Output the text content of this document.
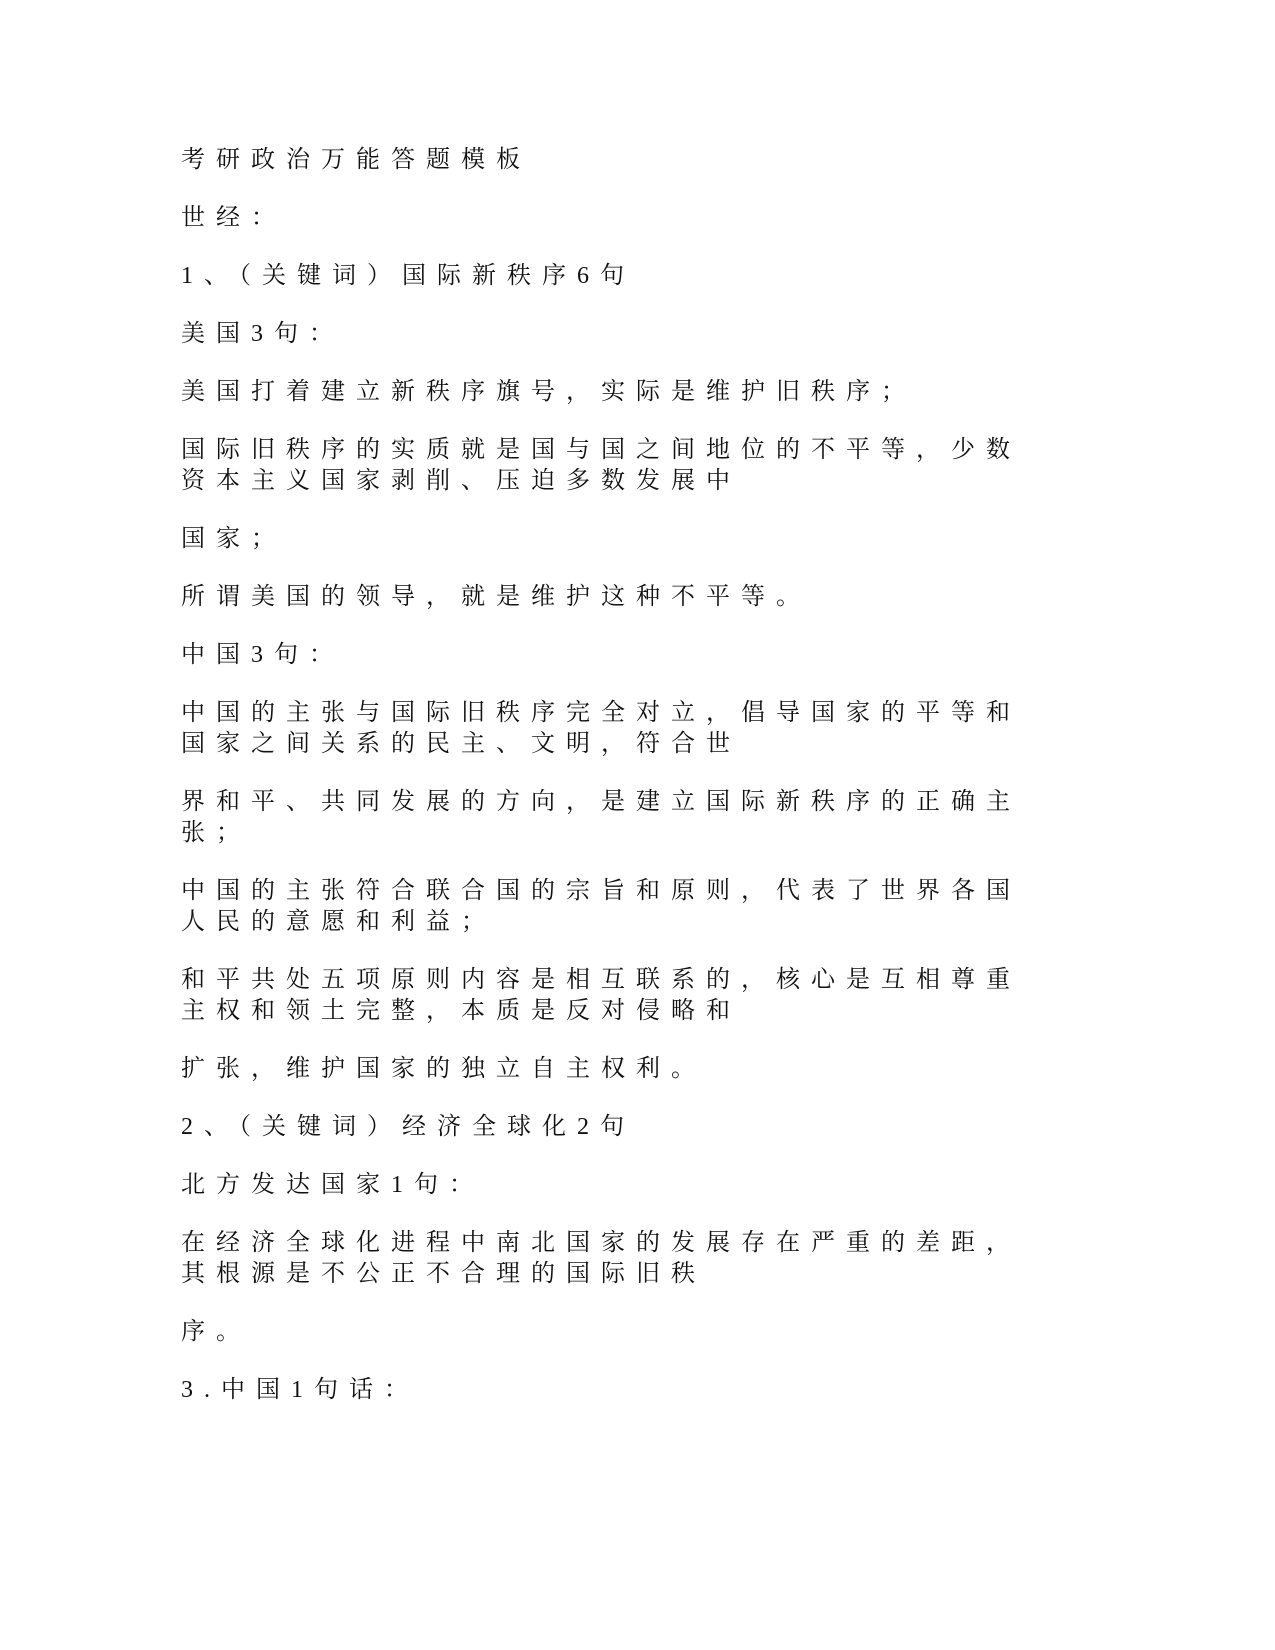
考研政治万能答题模板
世经：
1、（关键词）国际新秩序6句
美国3句：
美国打着建立新秩序旗号，实际是维护旧秩序；
国际旧秩序的实质就是国与国之间地位的不平等，少数
资本主义国家剥削、压迫多数发展中
国家；
所谓美国的领导，就是维护这种不平等。
中国3句：
中国的主张与国际旧秩序完全对立，倡导国家的平等和
国家之间关系的民主、文明，符合世
界和平、共同发展的方向，是建立国际新秩序的正确主
张；
中国的主张符合联合国的宗旨和原则，代表了世界各国
人民的意愿和利益；
和平共处五项原则内容是相互联系的，核心是互相尊重
主权和领土完整，本质是反对侵略和
扩张，维护国家的独立自主权利。
2、（关键词）经济全球化2句
北方发达国家1句：
在经济全球化进程中南北国家的发展存在严重的差距，
其根源是不公正不合理的国际旧秩
序。
3.中国1句话：
